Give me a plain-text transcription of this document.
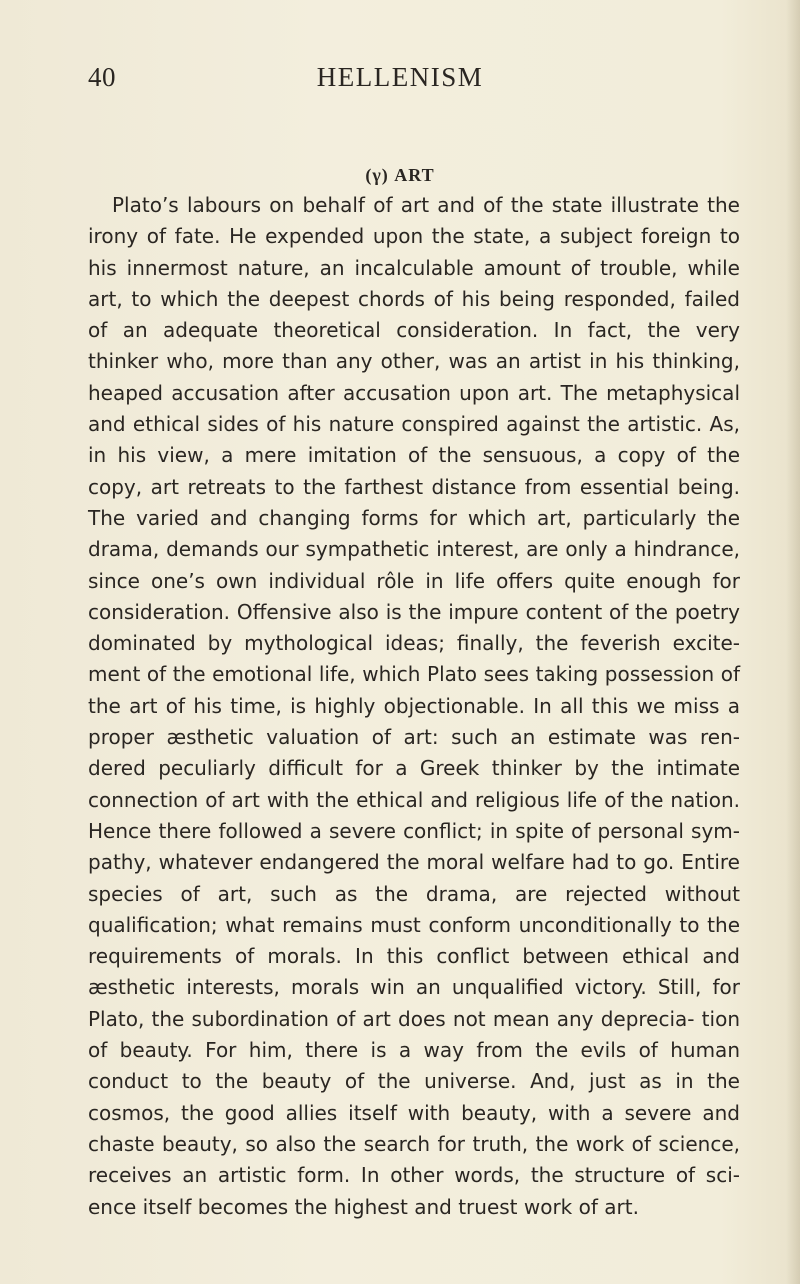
40	HELLENISM
(γ) ART

Plato’s labours on behalf of art and of the state illustrate the irony of fate. He expended upon the state, a subject foreign to his innermost nature, an incalculable amount of trouble, while art, to which the deepest chords of his being responded, failed of an adequate theoretical consideration. In fact, the very thinker who, more than any other, was an artist in his thinking, heaped accusation after accusation upon art. The metaphysical and ethical sides of his nature conspired against the artistic. As, in his view, a mere imitation of the sensuous, a copy of the copy, art retreats to the farthest distance from essential being. The varied and changing forms for which art, particularly the drama, demands our sympathetic interest, are only a hindrance, since one’s own individual rôle in life offers quite enough for consideration. Offensive also is the impure content of the poetry dominated by mythological ideas; finally, the feverish excite- ment of the emotional life, which Plato sees taking possession of the art of his time, is highly objectionable. In all this we miss a proper æsthetic valuation of art: such an estimate was ren- dered peculiarly difficult for a Greek thinker by the intimate connection of art with the ethical and religious life of the nation. Hence there followed a severe conflict; in spite of personal sym- pathy, whatever endangered the moral welfare had to go. Entire species of art, such as the drama, are rejected without qualification; what remains must conform unconditionally to the requirements of morals. In this conflict between ethical and æsthetic interests, morals win an unqualified victory. Still, for Plato, the subordination of art does not mean any deprecia- tion of beauty. For him, there is a way from the evils of human conduct to the beauty of the universe. And, just as in the cosmos, the good allies itself with beauty, with a severe and chaste beauty, so also the search for truth, the work of science, receives an artistic form. In other words, the structure of sci- ence itself becomes the highest and truest work of art.
